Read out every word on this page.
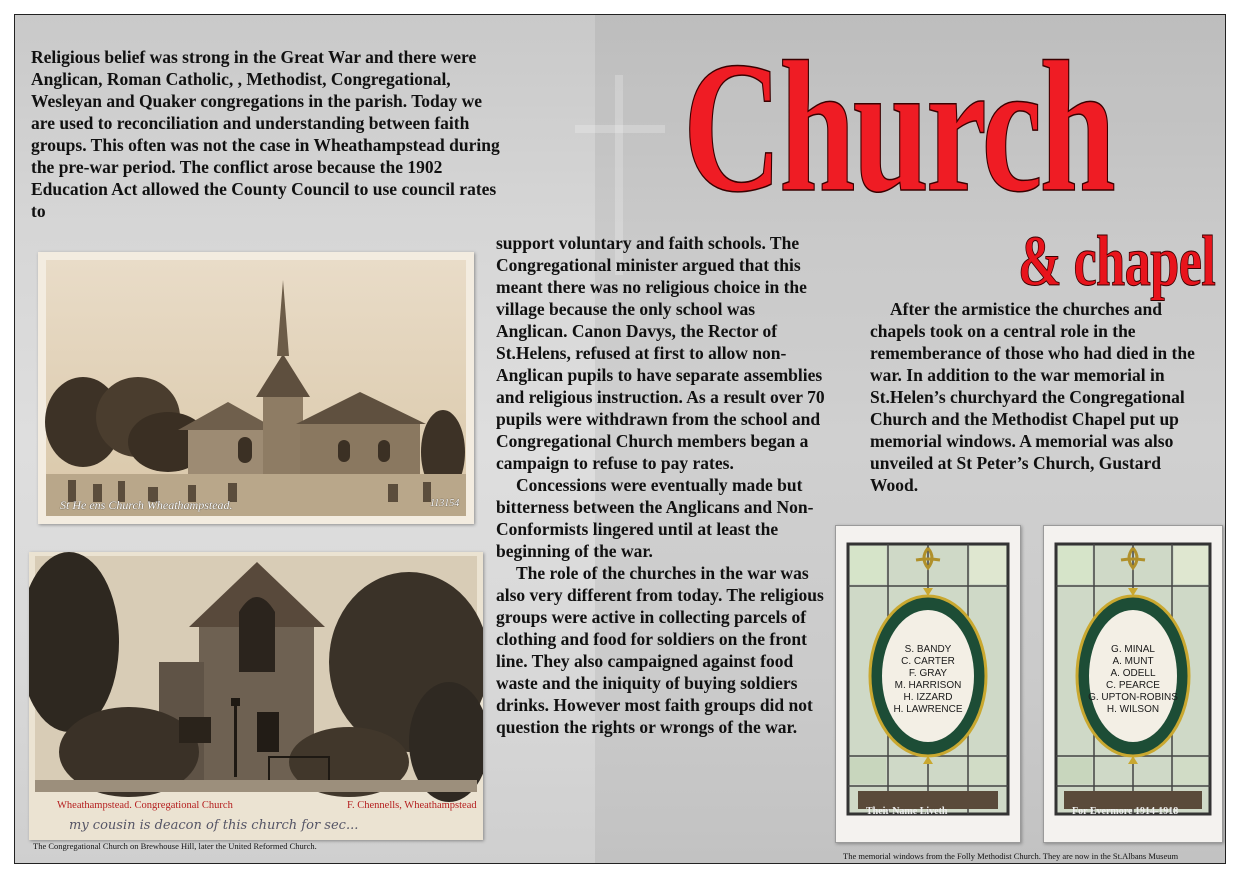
Church
& chapel

Religious belief was strong in the Great War and there were Anglican, Roman Catholic, , Methodist, Congregational, Wesleyan and Quaker congregations in the parish. Today we are used to reconciliation and understanding between faith groups. This often was not the case in Wheathampstead during the pre-war period. The conflict arose because the 1902 Education Act allowed the County Council to use council rates to

support voluntary and faith schools. The Congregational minister argued that this meant there was no religious choice in the village because the only school was Anglican. Canon Davys, the Rector of St.Helens, refused at first to allow non-Anglican pupils to have separate assemblies and religious instruction. As a result over 70 pupils were withdrawn from the school and Congregational Church members began a campaign to refuse to pay rates.

Concessions were eventually made but bitterness between the Anglicans and Non-Conformists lingered until at least the beginning of the war.

The role of the churches in the war was also very different from today. The religious groups were active in collecting parcels of clothing and food for soldiers on the front line. They also campaigned against food waste and the iniquity of buying soldiers drinks. However most faith groups did not question the rights or wrongs of the war.

After the armistice the churches and chapels took on a central role in the rememberance of those who had died in the war. In addition to the war memorial in St.Helen’s churchyard the Congregational Church and the Methodist Chapel put up memorial windows. A memorial was also unveiled at St Peter’s Church, Gustard Wood.

St He ens Church Wheathampstead.	113154
Wheathampstead. Congregational Church	F. Chennells, Wheathampstead
my cousin is deacon of this church for sec...
The Congregational Church on Brewhouse Hill, later the United Reformed Church.
S. BANDY
C. CARTER
F. GRAY
M. HARRISON
H. IZZARD
H. LAWRENCE
Their Name Liveth
G. MINAL
A. MUNT
A. ODELL
C. PEARCE
G. UPTON-ROBINS
H. WILSON
For Evermore 1914-1918
The memorial windows from the Folly Methodist Church. They are now in the St.Albans Museum
